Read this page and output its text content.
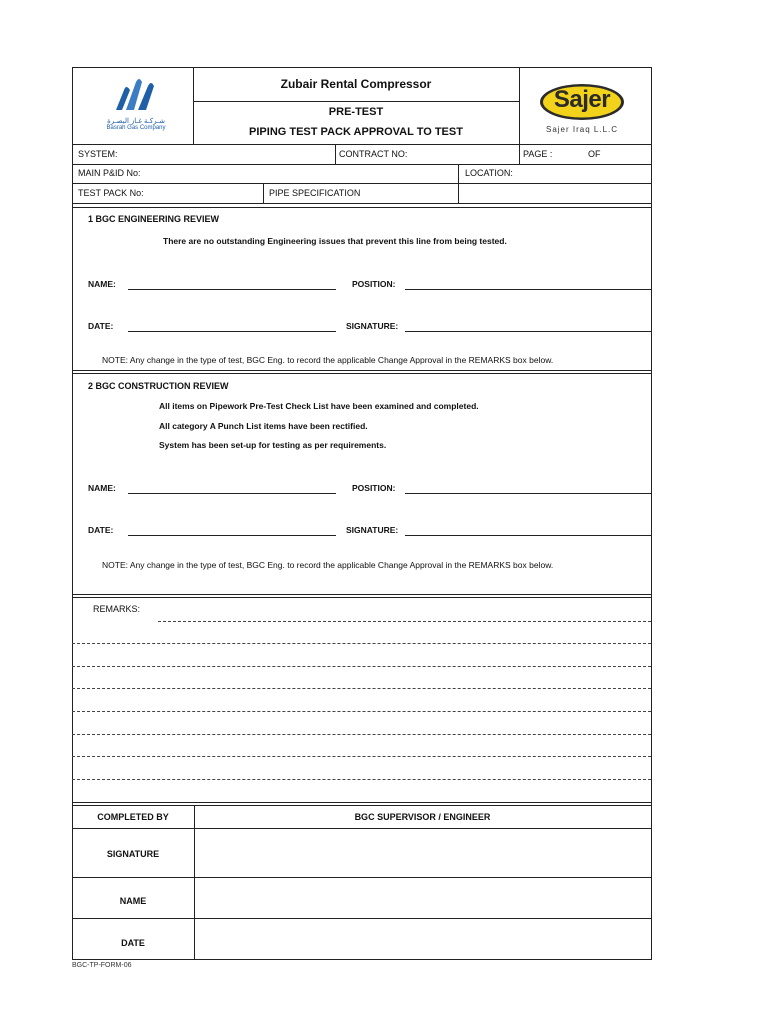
شـركـة غـاز البصـرة
Basrah Gas Company
Zubair Rental Compressor
PRE-TEST
PIPING TEST PACK APPROVAL TO TEST
Sajer
Sajer Iraq L.L.C
SYSTEM:	CONTRACT NO:	PAGE :	OF
MAIN P&ID No:	LOCATION:
TEST PACK No:	PIPE SPECIFICATION
1 BGC ENGINEERING REVIEW
There are no outstanding Engineering issues that prevent this line from being tested.
NAME:	POSITION:
DATE:	SIGNATURE:
NOTE: Any change in the type of test, BGC Eng. to record the applicable Change Approval in the REMARKS box below.
2 BGC CONSTRUCTION REVIEW
All items on Pipework Pre-Test Check List have been examined and completed.
All category A Punch List items have been rectified.
System has been set-up for testing as per requirements.
NAME:	POSITION:
DATE:	SIGNATURE:
NOTE: Any change in the type of test, BGC Eng. to record the applicable Change Approval in the REMARKS box below.
REMARKS:
COMPLETED BY	BGC SUPERVISOR / ENGINEER
SIGNATURE
NAME
DATE
BGC-TP-FORM-06
